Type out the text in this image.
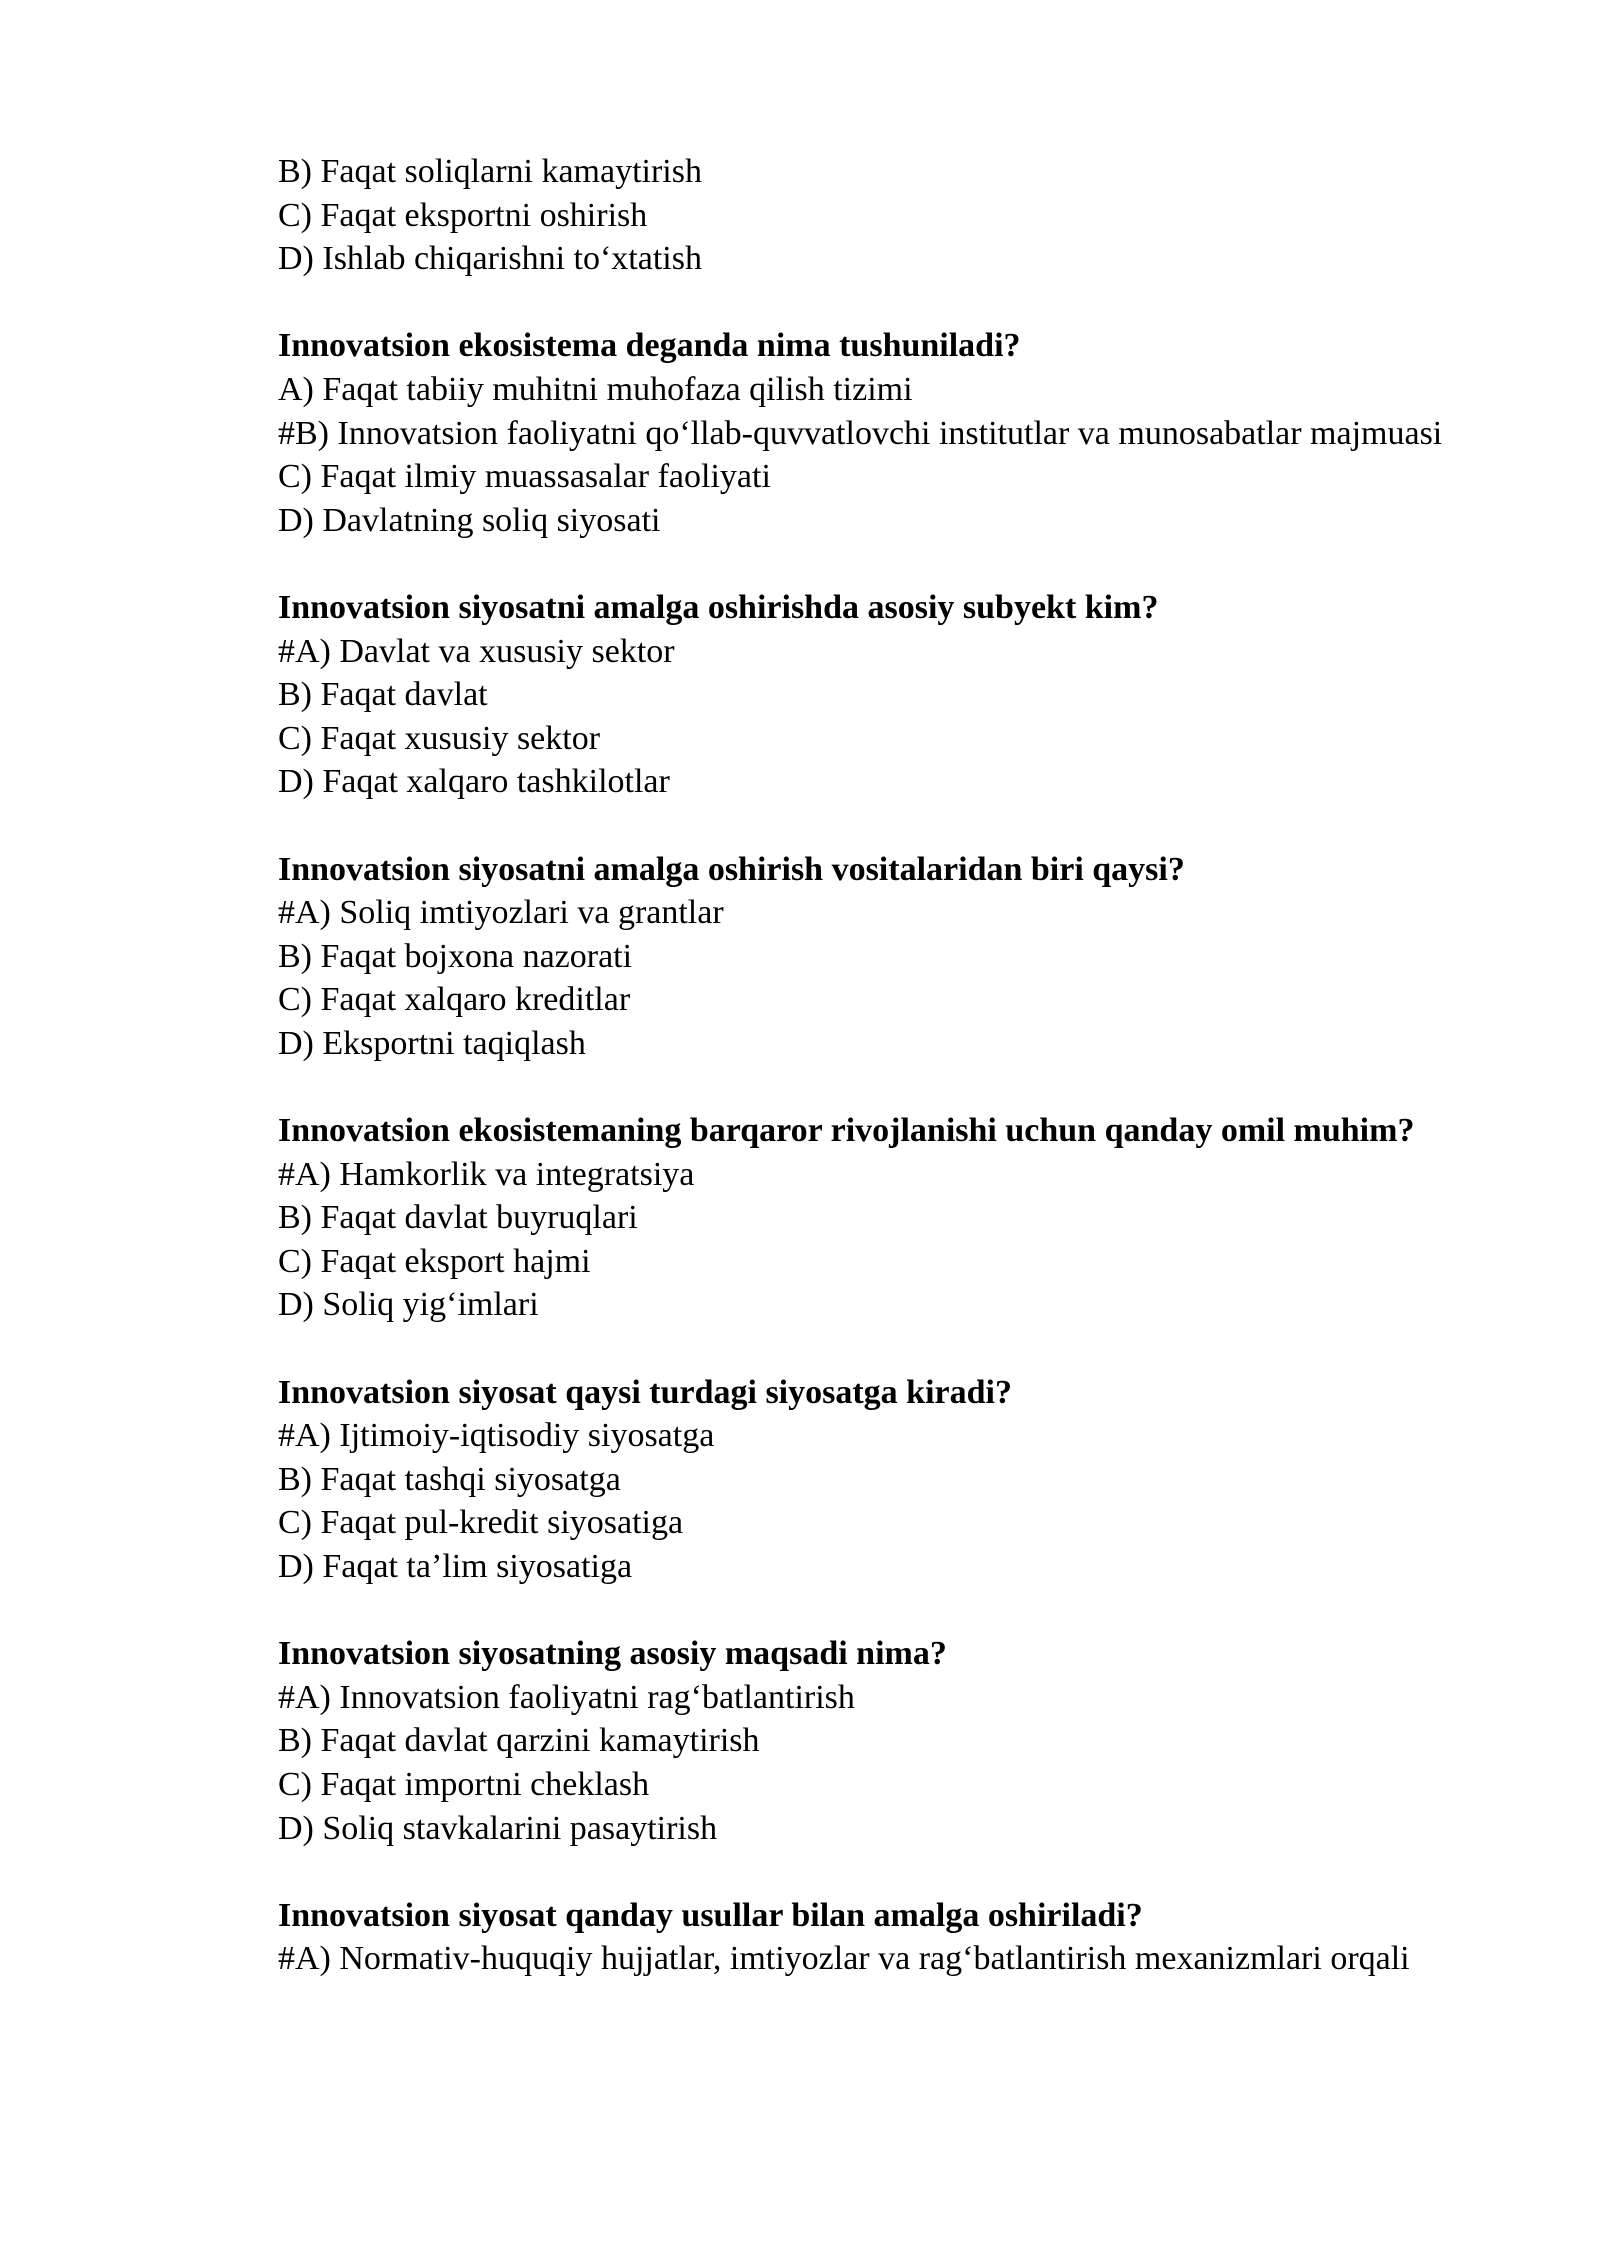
B) Faqat soliqlarni kamaytirish
C) Faqat eksportni oshirish
D) Ishlab chiqarishni to‘xtatish
Innovatsion ekosistema deganda nima tushuniladi?
A) Faqat tabiiy muhitni muhofaza qilish tizimi
#B) Innovatsion faoliyatni qo‘llab-quvvatlovchi institutlar va munosabatlar majmuasi
C) Faqat ilmiy muassasalar faoliyati
D) Davlatning soliq siyosati
Innovatsion siyosatni amalga oshirishda asosiy subyekt kim?
#A) Davlat va xususiy sektor
B) Faqat davlat
C) Faqat xususiy sektor
D) Faqat xalqaro tashkilotlar
Innovatsion siyosatni amalga oshirish vositalaridan biri qaysi?
#A) Soliq imtiyozlari va grantlar
B) Faqat bojxona nazorati
C) Faqat xalqaro kreditlar
D) Eksportni taqiqlash
Innovatsion ekosistemaning barqaror rivojlanishi uchun qanday omil muhim?
#A) Hamkorlik va integratsiya
B) Faqat davlat buyruqlari
C) Faqat eksport hajmi
D) Soliq yig‘imlari
Innovatsion siyosat qaysi turdagi siyosatga kiradi?
#A) Ijtimoiy-iqtisodiy siyosatga
B) Faqat tashqi siyosatga
C) Faqat pul-kredit siyosatiga
D) Faqat ta’lim siyosatiga
Innovatsion siyosatning asosiy maqsadi nima?
#A) Innovatsion faoliyatni rag‘batlantirish
B) Faqat davlat qarzini kamaytirish
C) Faqat importni cheklash
D) Soliq stavkalarini pasaytirish
Innovatsion siyosat qanday usullar bilan amalga oshiriladi?
#A) Normativ-huquqiy hujjatlar, imtiyozlar va rag‘batlantirish mexanizmlari orqali
